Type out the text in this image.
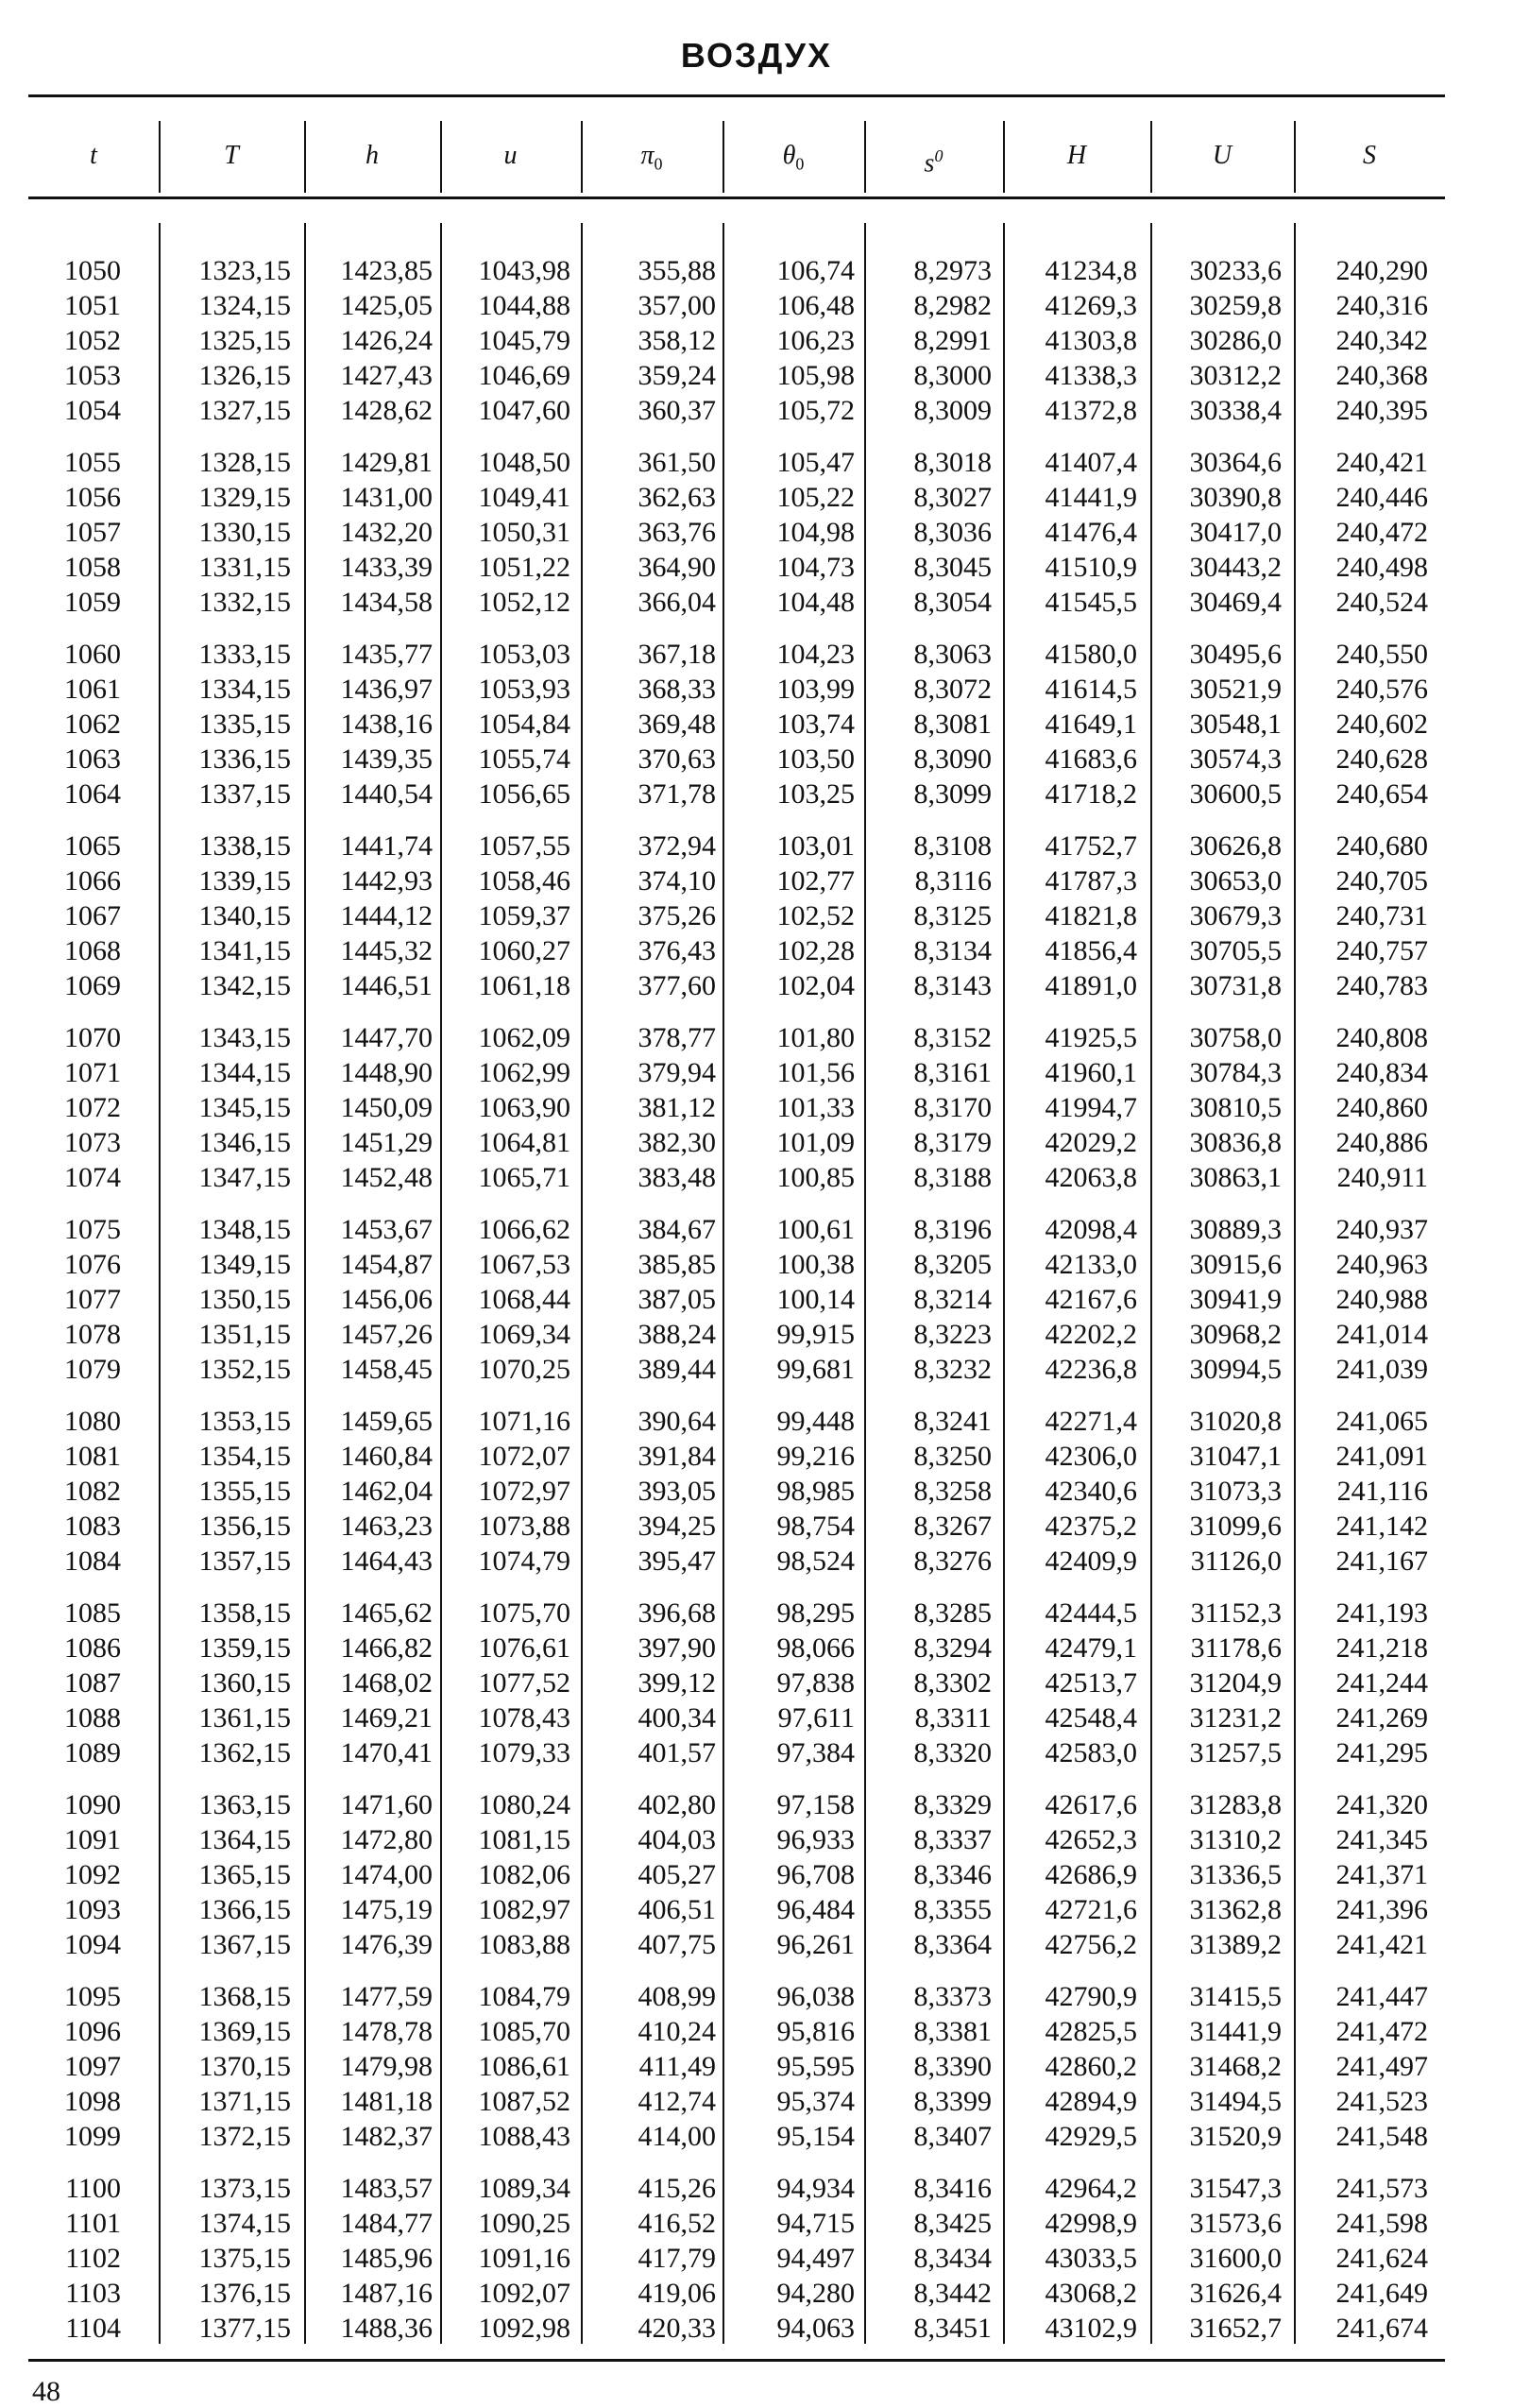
ВОЗДУХ
t	T	h	u	$\pi_0$	$\theta_0$	$s^0$	H	U	S
1050	1323,15	1423,85	1043,98	355,88	106,74	8,2973	41234,8	30233,6	240,290
1051	1324,15	1425,05	1044,88	357,00	106,48	8,2982	41269,3	30259,8	240,316
1052	1325,15	1426,24	1045,79	358,12	106,23	8,2991	41303,8	30286,0	240,342
1053	1326,15	1427,43	1046,69	359,24	105,98	8,3000	41338,3	30312,2	240,368
1054	1327,15	1428,62	1047,60	360,37	105,72	8,3009	41372,8	30338,4	240,395
1055	1328,15	1429,81	1048,50	361,50	105,47	8,3018	41407,4	30364,6	240,421
1056	1329,15	1431,00	1049,41	362,63	105,22	8,3027	41441,9	30390,8	240,446
1057	1330,15	1432,20	1050,31	363,76	104,98	8,3036	41476,4	30417,0	240,472
1058	1331,15	1433,39	1051,22	364,90	104,73	8,3045	41510,9	30443,2	240,498
1059	1332,15	1434,58	1052,12	366,04	104,48	8,3054	41545,5	30469,4	240,524
1060	1333,15	1435,77	1053,03	367,18	104,23	8,3063	41580,0	30495,6	240,550
1061	1334,15	1436,97	1053,93	368,33	103,99	8,3072	41614,5	30521,9	240,576
1062	1335,15	1438,16	1054,84	369,48	103,74	8,3081	41649,1	30548,1	240,602
1063	1336,15	1439,35	1055,74	370,63	103,50	8,3090	41683,6	30574,3	240,628
1064	1337,15	1440,54	1056,65	371,78	103,25	8,3099	41718,2	30600,5	240,654
1065	1338,15	1441,74	1057,55	372,94	103,01	8,3108	41752,7	30626,8	240,680
1066	1339,15	1442,93	1058,46	374,10	102,77	8,3116	41787,3	30653,0	240,705
1067	1340,15	1444,12	1059,37	375,26	102,52	8,3125	41821,8	30679,3	240,731
1068	1341,15	1445,32	1060,27	376,43	102,28	8,3134	41856,4	30705,5	240,757
1069	1342,15	1446,51	1061,18	377,60	102,04	8,3143	41891,0	30731,8	240,783
1070	1343,15	1447,70	1062,09	378,77	101,80	8,3152	41925,5	30758,0	240,808
1071	1344,15	1448,90	1062,99	379,94	101,56	8,3161	41960,1	30784,3	240,834
1072	1345,15	1450,09	1063,90	381,12	101,33	8,3170	41994,7	30810,5	240,860
1073	1346,15	1451,29	1064,81	382,30	101,09	8,3179	42029,2	30836,8	240,886
1074	1347,15	1452,48	1065,71	383,48	100,85	8,3188	42063,8	30863,1	240,911
1075	1348,15	1453,67	1066,62	384,67	100,61	8,3196	42098,4	30889,3	240,937
1076	1349,15	1454,87	1067,53	385,85	100,38	8,3205	42133,0	30915,6	240,963
1077	1350,15	1456,06	1068,44	387,05	100,14	8,3214	42167,6	30941,9	240,988
1078	1351,15	1457,26	1069,34	388,24	99,915	8,3223	42202,2	30968,2	241,014
1079	1352,15	1458,45	1070,25	389,44	99,681	8,3232	42236,8	30994,5	241,039
1080	1353,15	1459,65	1071,16	390,64	99,448	8,3241	42271,4	31020,8	241,065
1081	1354,15	1460,84	1072,07	391,84	99,216	8,3250	42306,0	31047,1	241,091
1082	1355,15	1462,04	1072,97	393,05	98,985	8,3258	42340,6	31073,3	241,116
1083	1356,15	1463,23	1073,88	394,25	98,754	8,3267	42375,2	31099,6	241,142
1084	1357,15	1464,43	1074,79	395,47	98,524	8,3276	42409,9	31126,0	241,167
1085	1358,15	1465,62	1075,70	396,68	98,295	8,3285	42444,5	31152,3	241,193
1086	1359,15	1466,82	1076,61	397,90	98,066	8,3294	42479,1	31178,6	241,218
1087	1360,15	1468,02	1077,52	399,12	97,838	8,3302	42513,7	31204,9	241,244
1088	1361,15	1469,21	1078,43	400,34	97,611	8,3311	42548,4	31231,2	241,269
1089	1362,15	1470,41	1079,33	401,57	97,384	8,3320	42583,0	31257,5	241,295
1090	1363,15	1471,60	1080,24	402,80	97,158	8,3329	42617,6	31283,8	241,320
1091	1364,15	1472,80	1081,15	404,03	96,933	8,3337	42652,3	31310,2	241,345
1092	1365,15	1474,00	1082,06	405,27	96,708	8,3346	42686,9	31336,5	241,371
1093	1366,15	1475,19	1082,97	406,51	96,484	8,3355	42721,6	31362,8	241,396
1094	1367,15	1476,39	1083,88	407,75	96,261	8,3364	42756,2	31389,2	241,421
1095	1368,15	1477,59	1084,79	408,99	96,038	8,3373	42790,9	31415,5	241,447
1096	1369,15	1478,78	1085,70	410,24	95,816	8,3381	42825,5	31441,9	241,472
1097	1370,15	1479,98	1086,61	411,49	95,595	8,3390	42860,2	31468,2	241,497
1098	1371,15	1481,18	1087,52	412,74	95,374	8,3399	42894,9	31494,5	241,523
1099	1372,15	1482,37	1088,43	414,00	95,154	8,3407	42929,5	31520,9	241,548
1100	1373,15	1483,57	1089,34	415,26	94,934	8,3416	42964,2	31547,3	241,573
1101	1374,15	1484,77	1090,25	416,52	94,715	8,3425	42998,9	31573,6	241,598
1102	1375,15	1485,96	1091,16	417,79	94,497	8,3434	43033,5	31600,0	241,624
1103	1376,15	1487,16	1092,07	419,06	94,280	8,3442	43068,2	31626,4	241,649
1104	1377,15	1488,36	1092,98	420,33	94,063	8,3451	43102,9	31652,7	241,674
48
